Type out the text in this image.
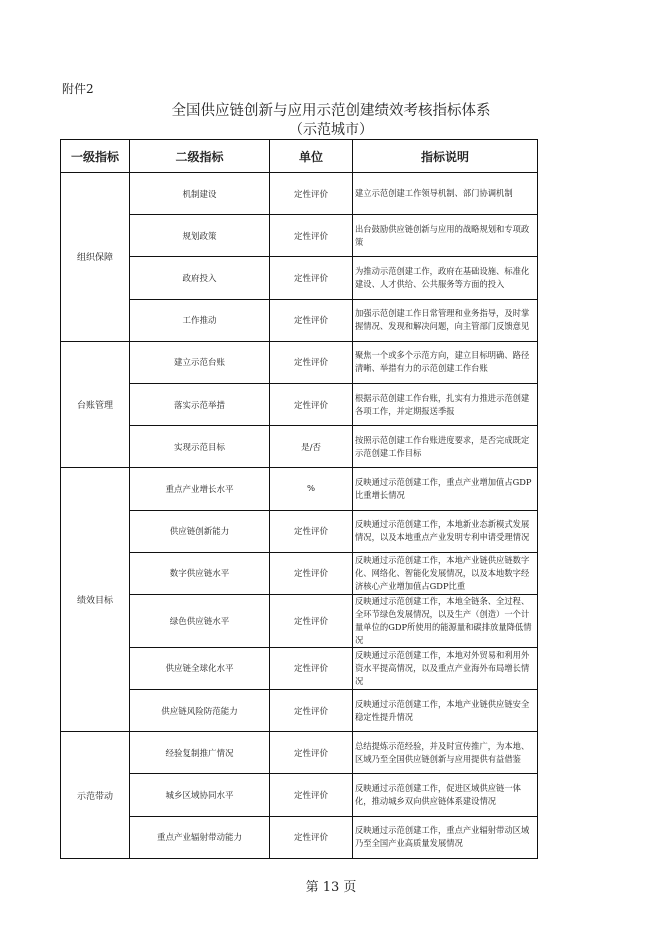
附件2
全国供应链创新与应用示范创建绩效考核指标体系
（示范城市）
一级指标	二级指标	单位	指标说明
组织保障	机制建设	定性评价	建立示范创建工作领导机制、部门协调机制
	规划政策	定性评价	出台鼓励供应链创新与应用的战略规划和专项政策
	政府投入	定性评价	为推动示范创建工作，政府在基础设施、标准化建设、人才供给、公共服务等方面的投入
	工作推动	定性评价	加强示范创建工作日常管理和业务指导，及时掌握情况、发现和解决问题，向主管部门反馈意见
台账管理	建立示范台账	定性评价	聚焦一个或多个示范方向，建立目标明确、路径清晰、举措有力的示范创建工作台账
	落实示范举措	定性评价	根据示范创建工作台账，扎实有力推进示范创建各项工作，并定期报送季报
	实现示范目标	是/否	按照示范创建工作台账进度要求，是否完成既定示范创建工作目标
绩效目标	重点产业增长水平	%	反映通过示范创建工作，重点产业增加值占GDP比重增长情况
	供应链创新能力	定性评价	反映通过示范创建工作，本地新业态新模式发展情况，以及本地重点产业发明专利申请受理情况
	数字供应链水平	定性评价	反映通过示范创建工作，本地产业链供应链数字化、网络化、智能化发展情况，以及本地数字经济核心产业增加值占GDP比重
	绿色供应链水平	定性评价	反映通过示范创建工作，本地全链条、全过程、全环节绿色发展情况，以及生产（创造）一个计量单位的GDP所使用的能源量和碳排放量降低情况
	供应链全球化水平	定性评价	反映通过示范创建工作，本地对外贸易和利用外资水平提高情况，以及重点产业海外布局增长情况
	供应链风险防范能力	定性评价	反映通过示范创建工作，本地产业链供应链安全稳定性提升情况
示范带动	经验复制推广情况	定性评价	总结提炼示范经验，并及时宣传推广，为本地、区域乃至全国供应链创新与应用提供有益借鉴
	城乡区域协同水平	定性评价	反映通过示范创建工作，促进区域供应链一体化，推动城乡双向供应链体系建设情况
	重点产业辐射带动能力	定性评价	反映通过示范创建工作，重点产业辐射带动区域乃至全国产业高质量发展情况
第 13 页
